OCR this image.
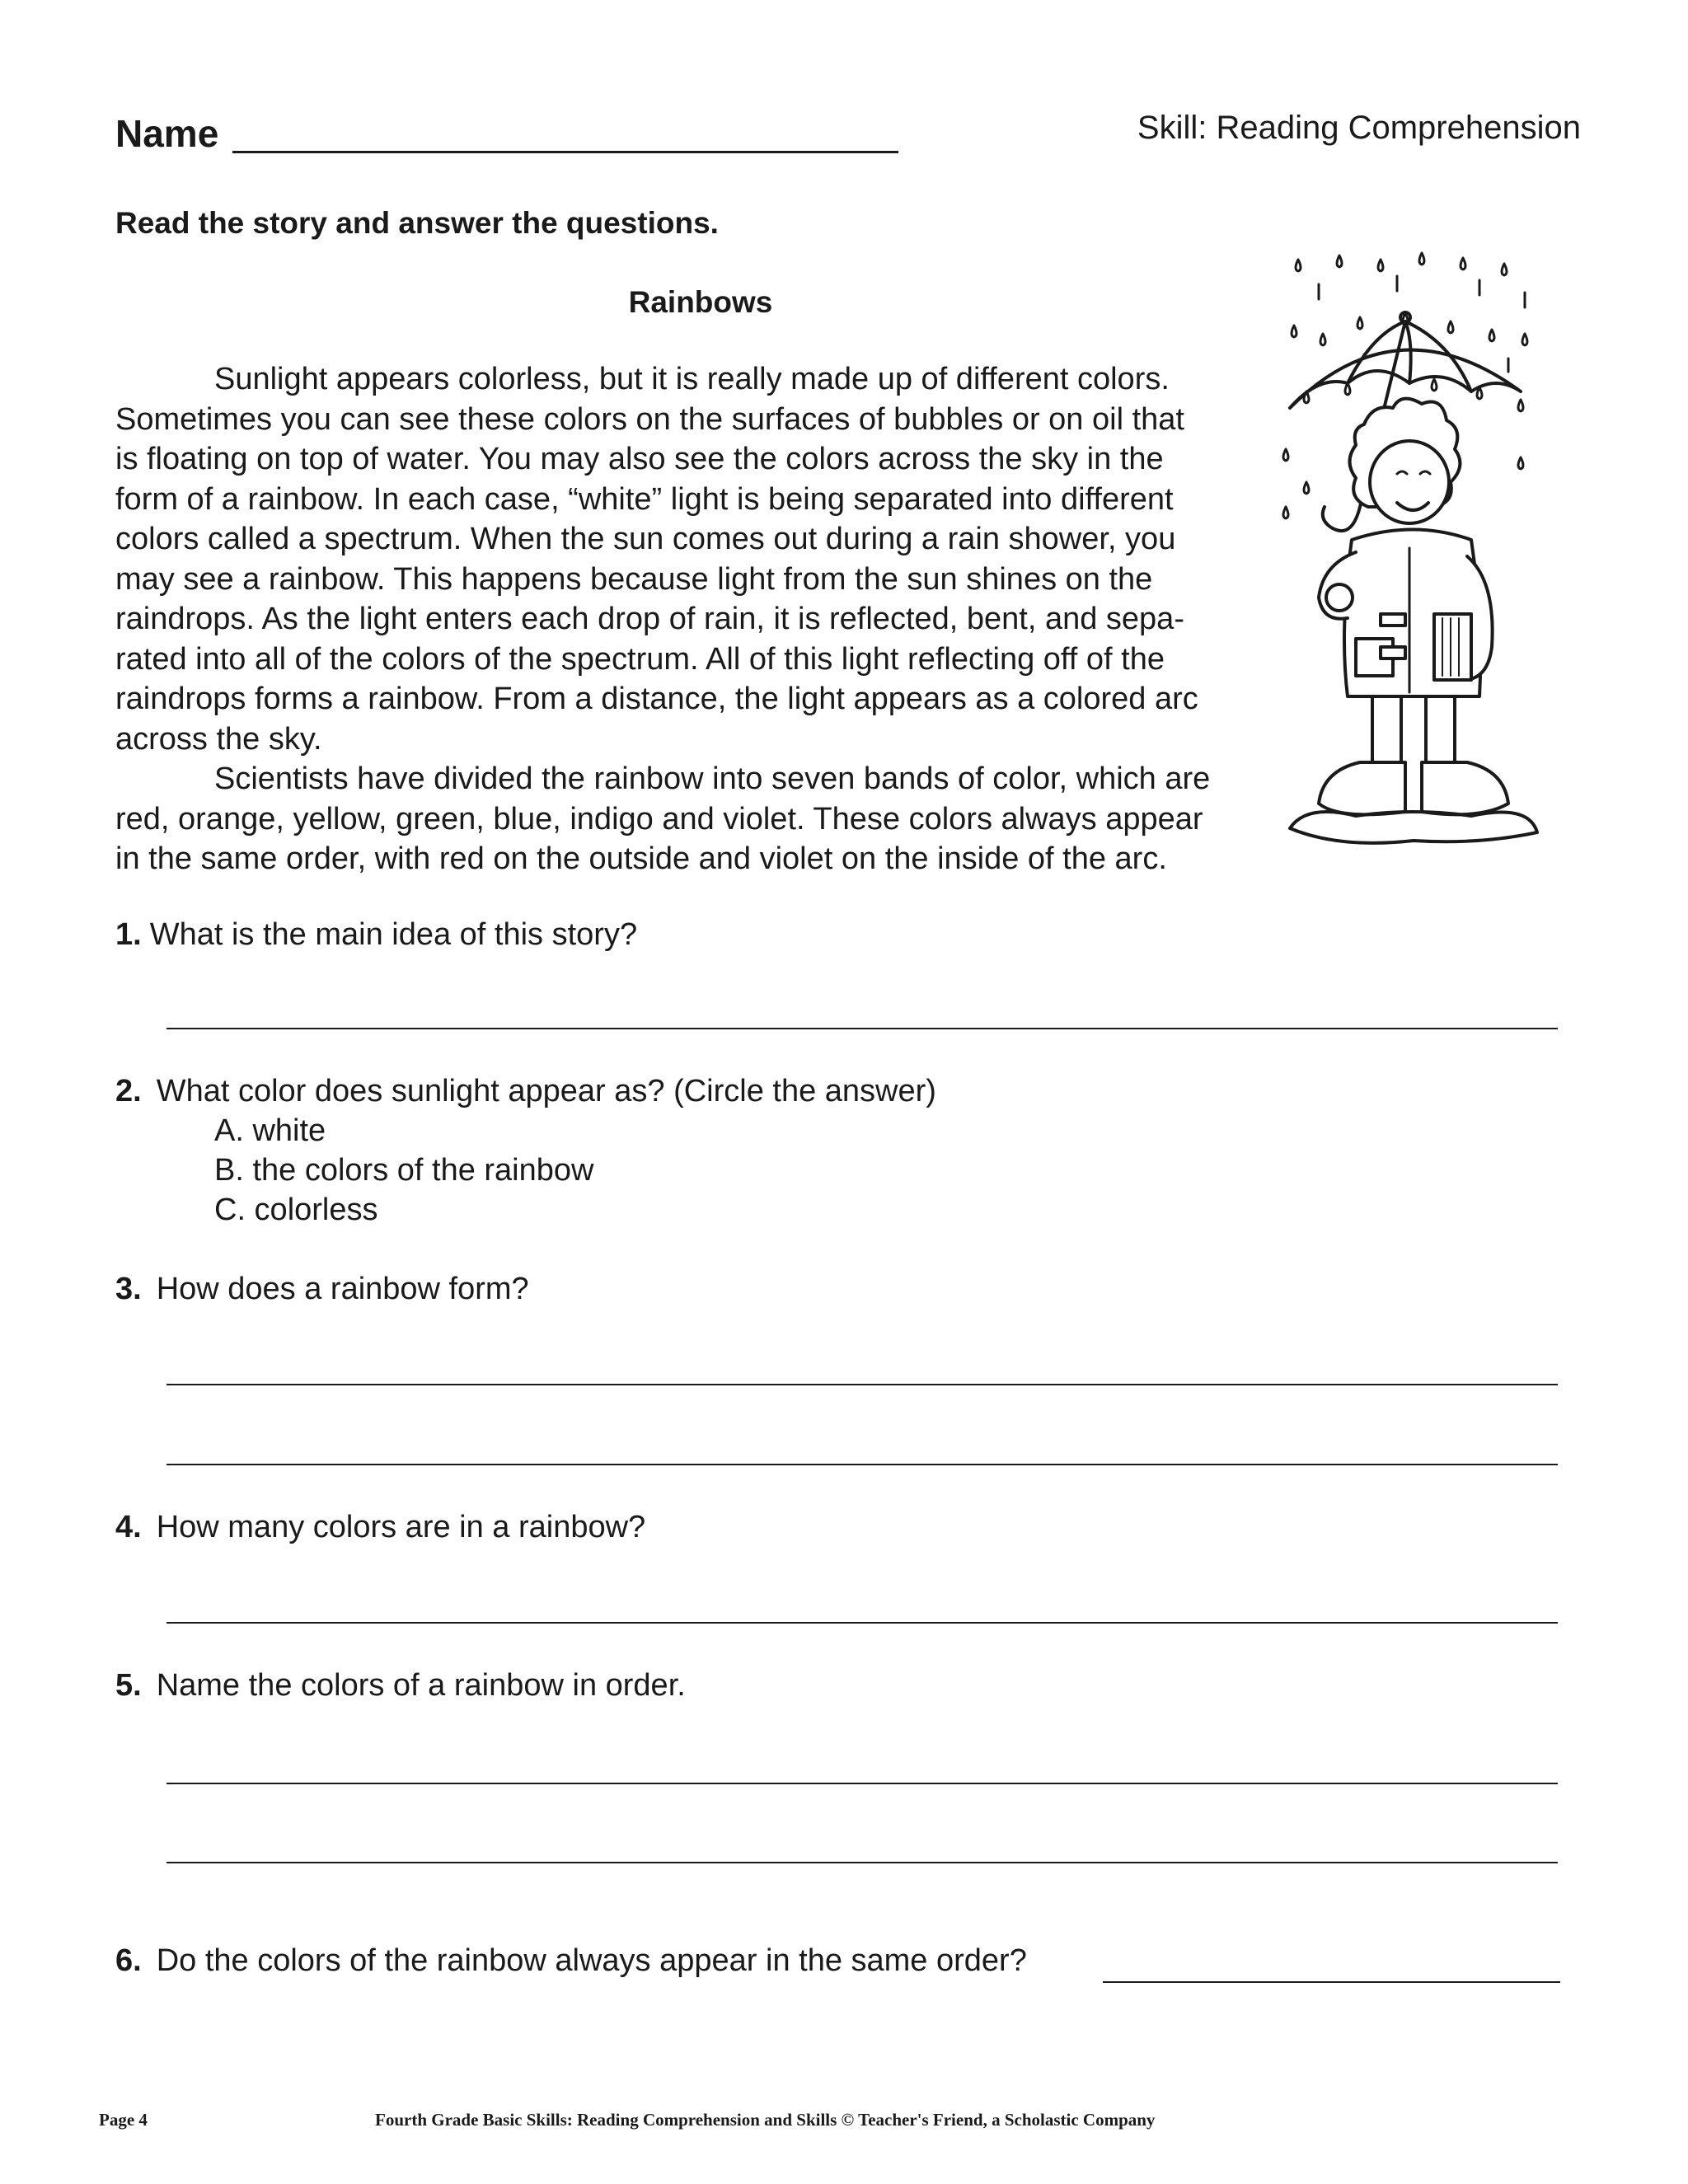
Name	Skill: Reading Comprehension
Read the story and answer the questions.
Rainbows
Sunlight appears colorless, but it is really made up of different colors.
Sometimes you can see these colors on the surfaces of bubbles or on oil that
is floating on top of water. You may also see the colors across the sky in the
form of a rainbow. In each case, “white” light is being separated into different
colors called a spectrum. When the sun comes out during a rain shower, you
may see a rainbow. This happens because light from the sun shines on the
raindrops. As the light enters each drop of rain, it is reflected, bent, and sepa-
rated into all of the colors of the spectrum. All of this light reflecting off of the
raindrops forms a rainbow. From a distance, the light appears as a colored arc
across the sky.
Scientists have divided the rainbow into seven bands of color, which are
red, orange, yellow, green, blue, indigo and violet. These colors always appear
in the same order, with red on the outside and violet on the inside of the arc.
1. What is the main idea of this story?
2. What color does sunlight appear as? (Circle the answer)
A. white
B. the colors of the rainbow
C. colorless
3. How does a rainbow form?
4. How many colors are in a rainbow?
5. Name the colors of a rainbow in order.
6. Do the colors of the rainbow always appear in the same order?
Page 4	Fourth Grade Basic Skills: Reading Comprehension and Skills © Teacher's Friend, a Scholastic Company
